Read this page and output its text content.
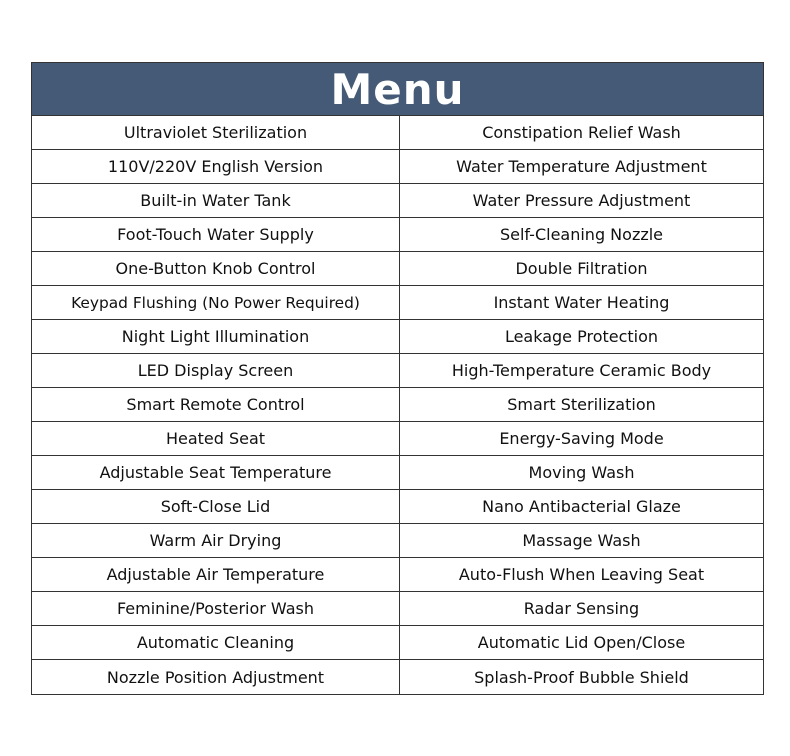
Menu
Ultraviolet Sterilization	Constipation Relief Wash
110V/220V English Version	Water Temperature Adjustment
Built-in Water Tank	Water Pressure Adjustment
Foot-Touch Water Supply	Self-Cleaning Nozzle
One-Button Knob Control	Double Filtration
Keypad Flushing (No Power Required)	Instant Water Heating
Night Light Illumination	Leakage Protection
LED Display Screen	High-Temperature Ceramic Body
Smart Remote Control	Smart Sterilization
Heated Seat	Energy-Saving Mode
Adjustable Seat Temperature	Moving Wash
Soft-Close Lid	Nano Antibacterial Glaze
Warm Air Drying	Massage Wash
Adjustable Air Temperature	Auto-Flush When Leaving Seat
Feminine/Posterior Wash	Radar Sensing
Automatic Cleaning	Automatic Lid Open/Close
Nozzle Position Adjustment	Splash-Proof Bubble Shield
